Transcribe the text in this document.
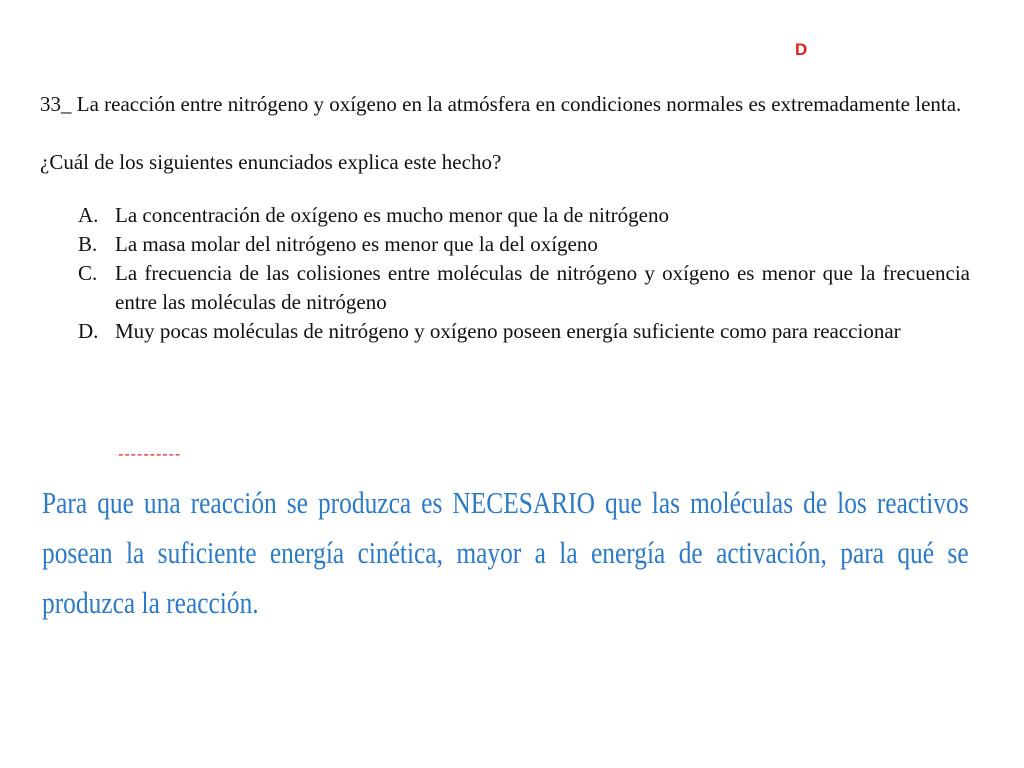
D

33_ La reacción entre nitrógeno y oxígeno en la atmósfera en condiciones normales es extremadamente lenta.

¿Cuál de los siguientes enunciados explica este hecho?

A. La concentración de oxígeno es mucho menor que la de nitrógeno
B. La masa molar del nitrógeno es menor que la del oxígeno
C. La frecuencia de las colisiones entre moléculas de nitrógeno y oxígeno es menor que la frecuencia entre las moléculas de nitrógeno
D. Muy pocas moléculas de nitrógeno y oxígeno poseen energía suficiente como para reaccionar
----------
Para que una reacción se produzca es NECESARIO que las moléculas de los reactivos posean la suficiente energía cinética, mayor a la energía de activación, para qué se produzca la reacción.
